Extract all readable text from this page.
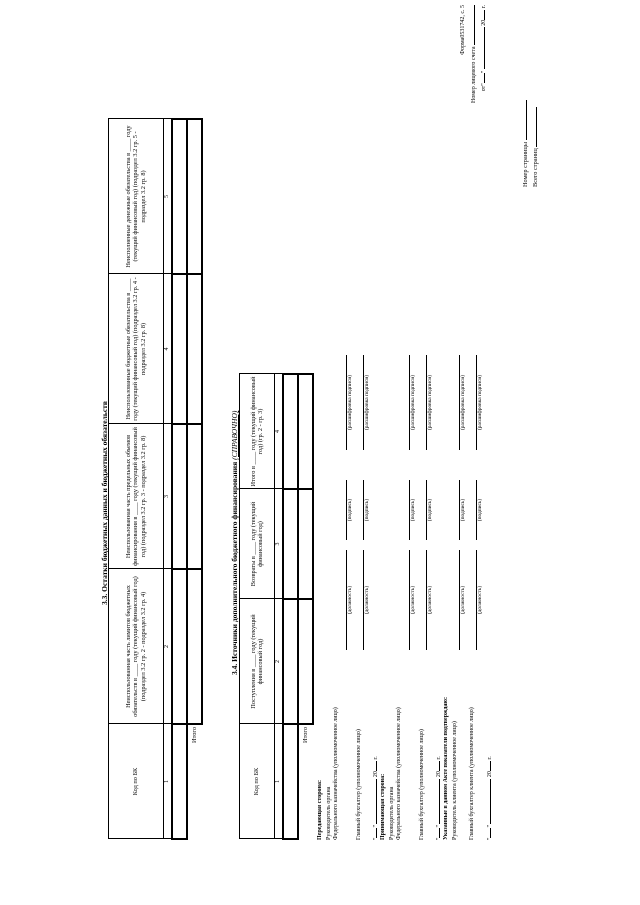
Форма0531742, с. 5
Номер лицевого счета от""  20 г.
3.3. Остатки бюджетных данных и бюджетных обязательств
Код по БК	Неиспользованная часть лимитов бюджетных обязательств в ____ году (текущий финансовый год) (подраздел 3.2 гр. 2 - подраздел 3.2 гр. 4)	Неиспользованная часть предельных объемов финансирования в ____ году (текущий финансовый год) (подраздел 3.2 гр. 3 - подраздел 3.2 гр. 8)	Неиспользованные бюджетные обязательства в ____ году (текущий финансовый год) (подраздел 3.2 гр. 4 - подраздел 3.2 гр. 8)	Неисполненные денежные обязательства в ____ году (текущий финансовый год) (подраздел 3.2 гр. 5 - подраздел 3.2 гр. 8)
1	2	3	4	5

Итого				
3.4. Источники дополнительного бюджетного финансирования (СПРАВОЧНО)
Код по БК	Поступления в ____ году (текущий финансовый год)	Возвраты в ____ году (текущий финансовый год)	Итого в ____ году (текущий финансовый год) (гр. 2 - гр. 3)
1	2	3	4

Итого			
Передающая сторона: Руководитель органа Федерального казначейства (уполномоченное лицо)
(должность)
(подпись)
(расшифровка подписи)
Главный бухгалтер (уполномоченное лицо)
(должность)
(подпись)
(расшифровка подписи)
""  20 г.
Принимающая сторона: Руководитель органа Федерального казначейства (уполномоченное лицо)
(должность)
(подпись)
(расшифровка подписи)
Главный бухгалтер (уполномоченное лицо)
(должность)
(подпись)
(расшифровка подписи)
""  20 г. Указанные в данном Акте показатели подтверждаю: Руководитель клиента (уполномоченное лицо)
(должность)
(подпись)
(расшифровка подписи)
Главный бухгалтер клиента (уполномоченное лицо)
(должность)
(подпись)
(расшифровка подписи)
""  20 г.
Номер страницы Всего страниц
